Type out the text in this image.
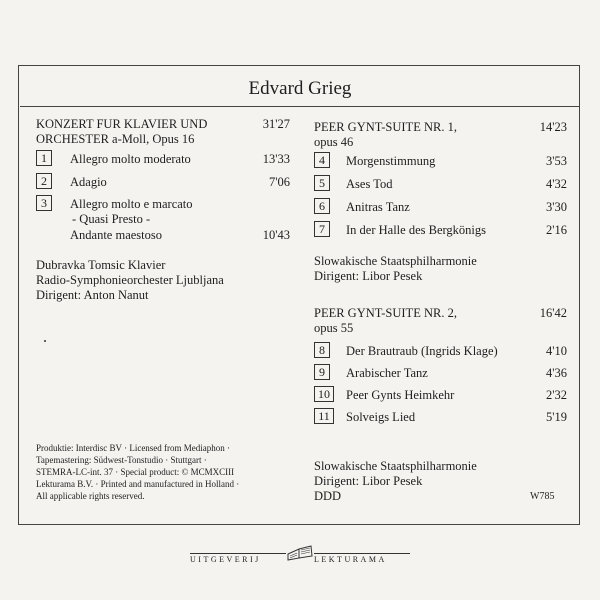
Edvard Grieg
KONZERT FUR KLAVIER UND
ORCHESTER a-Moll, Opus 16
31'27
1	Allegro molto moderato	13'33
2	Adagio	7'06
3	Allegro molto e marcato
- Quasi Presto -
Andante maestoso	10'43
Dubravka Tomsic Klavier
Radio-Symphonieorchester Ljubljana
Dirigent: Anton Nanut
PEER GYNT-SUITE NR. 1,
opus 46
14'23
4	Morgenstimmung	3'53
5	Ases Tod	4'32
6	Anitras Tanz	3'30
7	In der Halle des Bergkönigs	2'16
Slowakische Staatsphilharmonie
Dirigent: Libor Pesek
PEER GYNT-SUITE NR. 2,
opus 55
16'42
8	Der Brautraub (Ingrids Klage)	4'10
9	Arabischer Tanz	4'36
10	Peer Gynts Heimkehr	2'32
11	Solveigs Lied	5'19
Slowakische Staatsphilharmonie
Dirigent: Libor Pesek
DDD
Produktie: Interdisc BV · Licensed from Mediaphon ·
Tapemastering: Südwest-Tonstudio · Stuttgart ·
STEMRA-LC-int. 37 · Special product: © MCMXCIII
Lekturama B.V. · Printed and manufactured in Holland ·
All applicable rights reserved.	W785
UITGEVERIJ	LEKTURAMA
